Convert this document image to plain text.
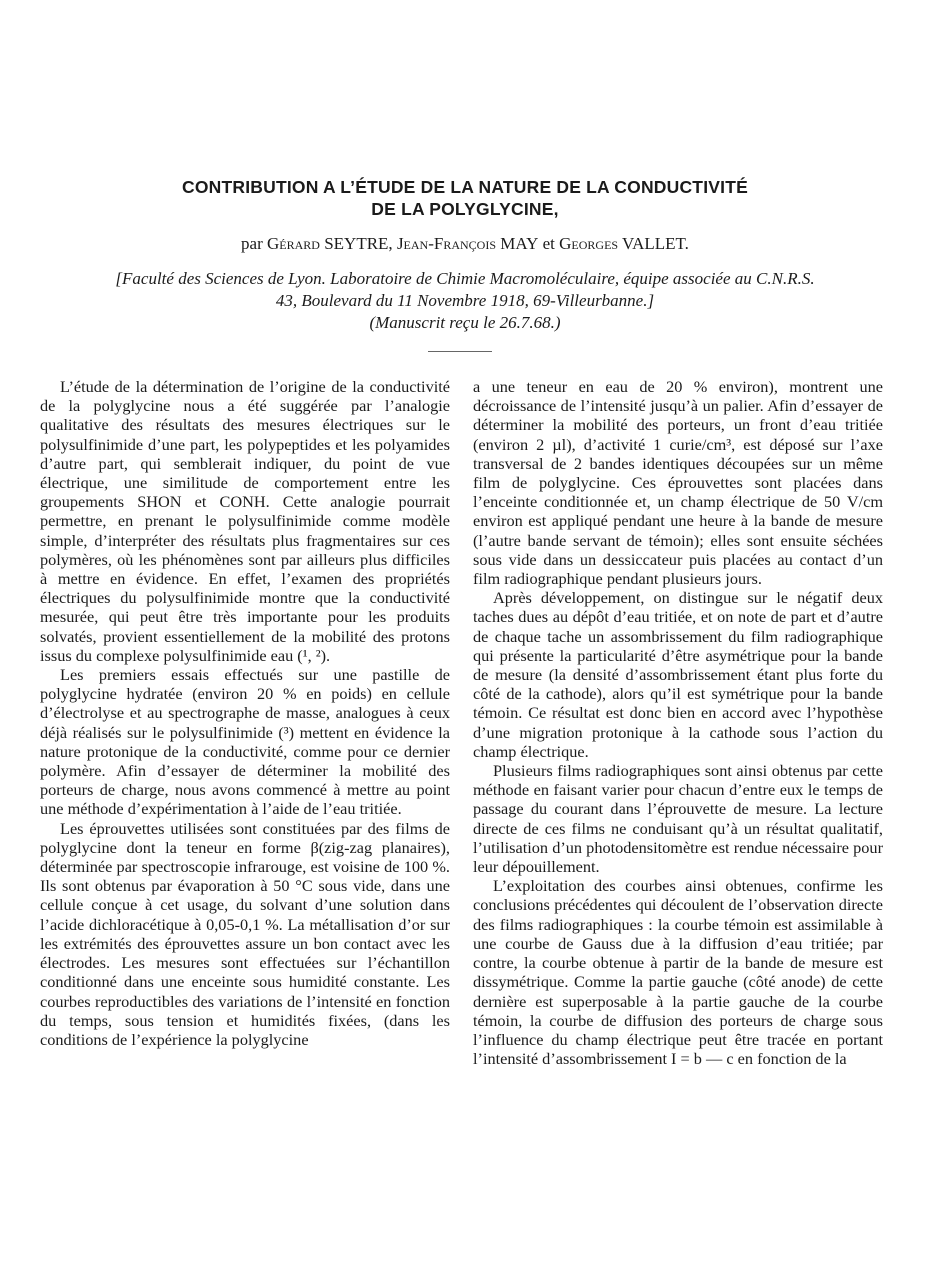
CONTRIBUTION A L’ÉTUDE DE LA NATURE DE LA CONDUCTIVITÉ
DE LA POLYGLYCINE,
par Gérard SEYTRE, Jean-François MAY et Georges VALLET.
[Faculté des Sciences de Lyon. Laboratoire de Chimie Macromoléculaire, équipe associée au C.N.R.S.
43, Boulevard du 11 Novembre 1918, 69-Villeurbanne.]
(Manuscrit reçu le 26.7.68.)

L’étude de la détermination de l’origine de la conductivité de la polyglycine nous a été suggérée par l’analogie qualitative des résultats des mesures électriques sur le polysulfinimide d’une part, les polypeptides et les polyamides d’autre part, qui semblerait indiquer, du point de vue électrique, une similitude de comportement entre les groupements SHON et CONH. Cette analogie pourrait permettre, en prenant le polysulfinimide comme modèle simple, d’interpréter des résultats plus fragmentaires sur ces polymères, où les phénomènes sont par ailleurs plus difficiles à mettre en évidence. En effet, l’examen des propriétés électriques du polysulfinimide montre que la conductivité mesurée, qui peut être très importante pour les produits solvatés, provient essentiellement de la mobilité des protons issus du complexe polysulfinimide eau (¹, ²).

Les premiers essais effectués sur une pastille de polyglycine hydratée (environ 20 % en poids) en cellule d’électrolyse et au spectrographe de masse, analogues à ceux déjà réalisés sur le polysulfinimide (³) mettent en évidence la nature protonique de la conductivité, comme pour ce dernier polymère. Afin d’essayer de déterminer la mobilité des porteurs de charge, nous avons commencé à mettre au point une méthode d’expérimentation à l’aide de l’eau tritiée.

Les éprouvettes utilisées sont constituées par des films de polyglycine dont la teneur en forme β(zig-zag planaires), déterminée par spectroscopie infrarouge, est voisine de 100 %. Ils sont obtenus par évaporation à 50 °C sous vide, dans une cellule conçue à cet usage, du solvant d’une solution dans l’acide dichloracétique à 0,05-0,1 %. La métallisation d’or sur les extrémités des éprouvettes assure un bon contact avec les électrodes. Les mesures sont effectuées sur l’échantillon conditionné dans une enceinte sous humidité constante. Les courbes reproductibles des variations de l’intensité en fonction du temps, sous tension et humidités fixées, (dans les conditions de l’expérience la polyglycine

a une teneur en eau de 20 % environ), montrent une décroissance de l’intensité jusqu’à un palier. Afin d’essayer de déterminer la mobilité des porteurs, un front d’eau tritiée (environ 2 µl), d’activité 1 curie/cm³, est déposé sur l’axe transversal de 2 bandes identiques découpées sur un même film de polyglycine. Ces éprouvettes sont placées dans l’enceinte conditionnée et, un champ électrique de 50 V/cm environ est appliqué pendant une heure à la bande de mesure (l’autre bande servant de témoin); elles sont ensuite séchées sous vide dans un dessiccateur puis placées au contact d’un film radiographique pendant plusieurs jours.

Après développement, on distingue sur le négatif deux taches dues au dépôt d’eau tritiée, et on note de part et d’autre de chaque tache un assombrissement du film radiographique qui présente la particularité d’être asymétrique pour la bande de mesure (la densité d’assombrissement étant plus forte du côté de la cathode), alors qu’il est symétrique pour la bande témoin. Ce résultat est donc bien en accord avec l’hypothèse d’une migration protonique à la cathode sous l’action du champ électrique.

Plusieurs films radiographiques sont ainsi obtenus par cette méthode en faisant varier pour chacun d’entre eux le temps de passage du courant dans l’éprouvette de mesure. La lecture directe de ces films ne conduisant qu’à un résultat qualitatif, l’utilisation d’un photodensitomètre est rendue nécessaire pour leur dépouillement.

L’exploitation des courbes ainsi obtenues, confirme les conclusions précédentes qui découlent de l’observation directe des films radiographiques : la courbe témoin est assimilable à une courbe de Gauss due à la diffusion d’eau tritiée; par contre, la courbe obtenue à partir de la bande de mesure est dissymétrique. Comme la partie gauche (côté anode) de cette dernière est superposable à la partie gauche de la courbe témoin, la courbe de diffusion des porteurs de charge sous l’influence du champ électrique peut être tracée en portant l’intensité d’assombrissement I = b — c en fonction de la
